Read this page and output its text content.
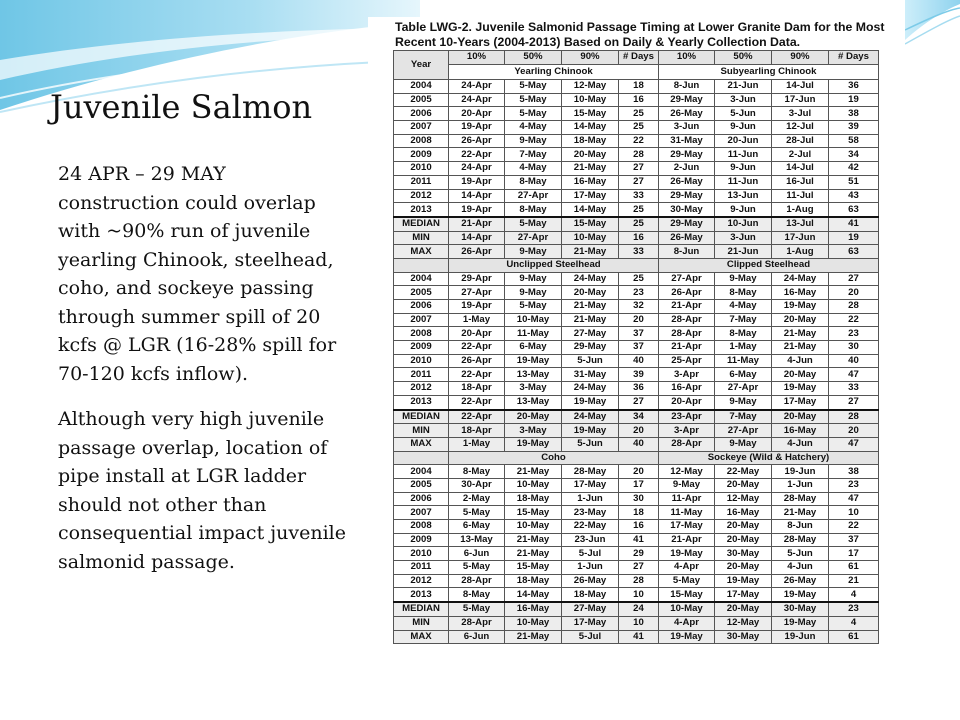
Juvenile Salmon

24 APR – 29 MAY construction could overlap with ~90% run of juvenile yearling Chinook, steelhead, coho, and sockeye passing through summer spill of 20 kcfs @ LGR (16-28% spill for 70-120 kcfs inflow).

Although very high juvenile passage overlap, location of pipe install at LGR ladder should not other than consequential impact juvenile salmonid passage.

Table LWG-2. Juvenile Salmonid Passage Timing at Lower Granite Dam for the Most
Recent 10-Years (2004-2013) Based on Daily & Yearly Collection Data.
Year	10%	50%	90%	# Days	10%	50%	90%	# Days
	Yearling Chinook				Subyearling Chinook			
2004	24-Apr	5-May	12-May	18	8-Jun	21-Jun	14-Jul	36
2005	24-Apr	5-May	10-May	16	29-May	3-Jun	17-Jun	19
2006	20-Apr	5-May	15-May	25	26-May	5-Jun	3-Jul	38
2007	19-Apr	4-May	14-May	25	3-Jun	9-Jun	12-Jul	39
2008	26-Apr	9-May	18-May	22	31-May	20-Jun	28-Jul	58
2009	22-Apr	7-May	20-May	28	29-May	11-Jun	2-Jul	34
2010	24-Apr	4-May	21-May	27	2-Jun	9-Jun	14-Jul	42
2011	19-Apr	8-May	16-May	27	26-May	11-Jun	16-Jul	51
2012	14-Apr	27-Apr	17-May	33	29-May	13-Jun	11-Jul	43
2013	19-Apr	8-May	14-May	25	30-May	9-Jun	1-Aug	63
MEDIAN	21-Apr	5-May	15-May	25	29-May	10-Jun	13-Jul	41
MIN	14-Apr	27-Apr	10-May	16	26-May	3-Jun	17-Jun	19
MAX	26-Apr	9-May	21-May	33	8-Jun	21-Jun	1-Aug	63
	Unclipped Steelhead				Clipped Steelhead			
2004	29-Apr	9-May	24-May	25	27-Apr	9-May	24-May	27
2005	27-Apr	9-May	20-May	23	26-Apr	8-May	16-May	20
2006	19-Apr	5-May	21-May	32	21-Apr	4-May	19-May	28
2007	1-May	10-May	21-May	20	28-Apr	7-May	20-May	22
2008	20-Apr	11-May	27-May	37	28-Apr	8-May	21-May	23
2009	22-Apr	6-May	29-May	37	21-Apr	1-May	21-May	30
2010	26-Apr	19-May	5-Jun	40	25-Apr	11-May	4-Jun	40
2011	22-Apr	13-May	31-May	39	3-Apr	6-May	20-May	47
2012	18-Apr	3-May	24-May	36	16-Apr	27-Apr	19-May	33
2013	22-Apr	13-May	19-May	27	20-Apr	9-May	17-May	27
MEDIAN	22-Apr	20-May	24-May	34	23-Apr	7-May	20-May	28
MIN	18-Apr	3-May	19-May	20	3-Apr	27-Apr	16-May	20
MAX	1-May	19-May	5-Jun	40	28-Apr	9-May	4-Jun	47
	Coho				Sockeye (Wild & Hatchery)			
2004	8-May	21-May	28-May	20	12-May	22-May	19-Jun	38
2005	30-Apr	10-May	17-May	17	9-May	20-May	1-Jun	23
2006	2-May	18-May	1-Jun	30	11-Apr	12-May	28-May	47
2007	5-May	15-May	23-May	18	11-May	16-May	21-May	10
2008	6-May	10-May	22-May	16	17-May	20-May	8-Jun	22
2009	13-May	21-May	23-Jun	41	21-Apr	20-May	28-May	37
2010	6-Jun	21-May	5-Jul	29	19-May	30-May	5-Jun	17
2011	5-May	15-May	1-Jun	27	4-Apr	20-May	4-Jun	61
2012	28-Apr	18-May	26-May	28	5-May	19-May	26-May	21
2013	8-May	14-May	18-May	10	15-May	17-May	19-May	4
MEDIAN	5-May	16-May	27-May	24	10-May	20-May	30-May	23
MIN	28-Apr	10-May	17-May	10	4-Apr	12-May	19-May	4
MAX	6-Jun	21-May	5-Jul	41	19-May	30-May	19-Jun	61
